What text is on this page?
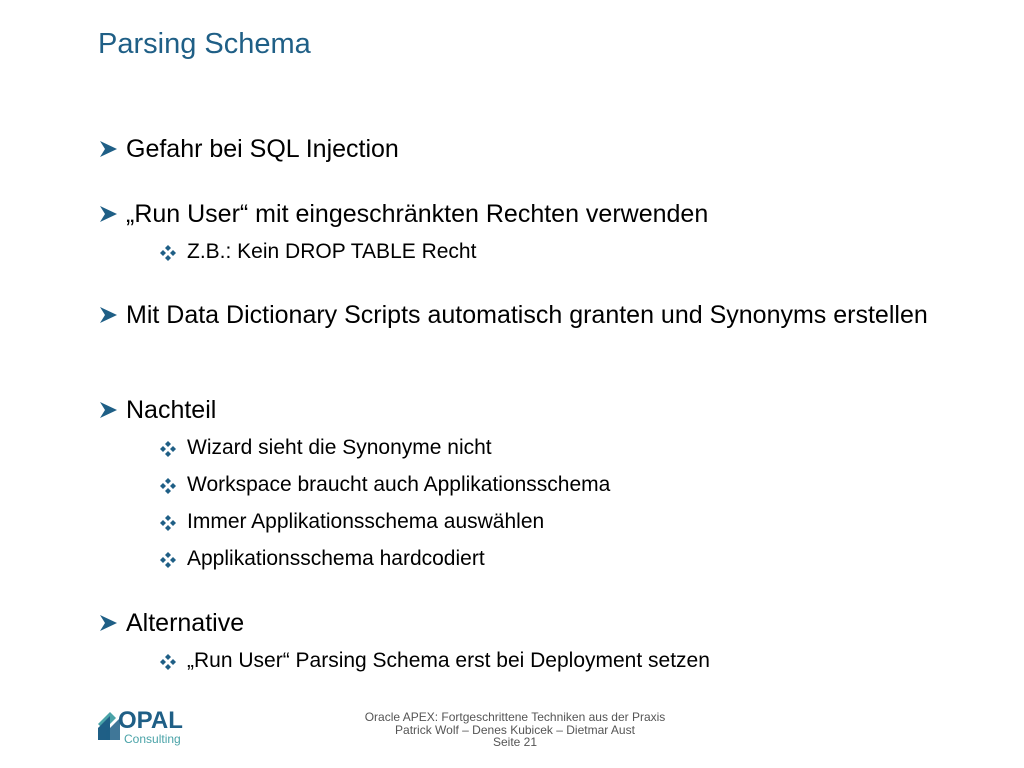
Parsing Schema
Gefahr bei SQL Injection
„Run User“ mit eingeschränkten Rechten verwenden
Z.B.: Kein DROP TABLE Recht
Mit Data Dictionary Scripts automatisch granten und Synonyms erstellen
Nachteil
Wizard sieht die Synonyme nicht
Workspace braucht auch Applikationsschema
Immer Applikationsschema auswählen
Applikationsschema hardcodiert
Alternative
„Run User“ Parsing Schema erst bei Deployment setzen
OPAL
Consulting
Oracle APEX: Fortgeschrittene Techniken aus der Praxis
Patrick Wolf – Denes Kubicek – Dietmar Aust
Seite 21
